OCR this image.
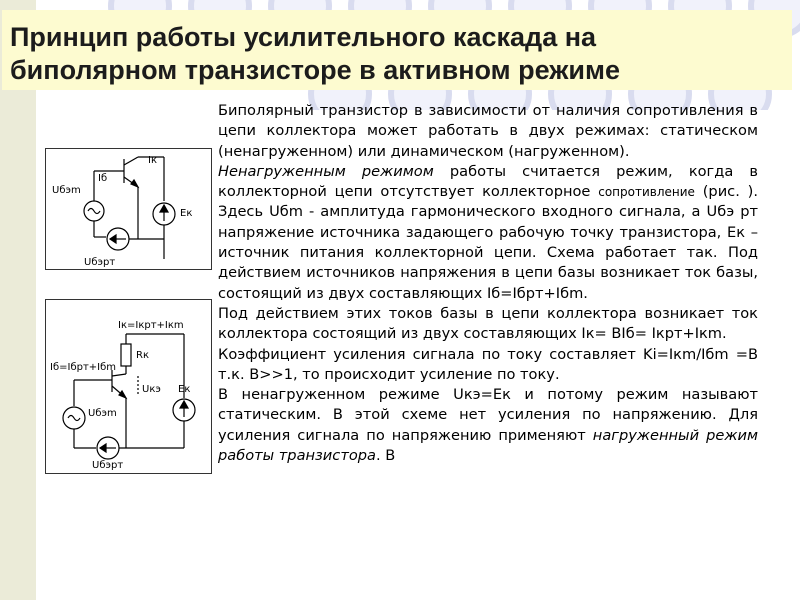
Принцип работы усилительного каскада на
биполярном транзисторе в активном режиме
Iб
Iк
Uбэm
Uбэрт
Eк
Iк=Iкрт+Iкm
Rк
Iб=Iбрт+Iбm
Uкэ Eк
Uбэm
Uбэрт

Биполярный транзистор в зависимости от наличия сопротивления в цепи коллектора может работать в двух режимах: статическом (ненагруженном) или динамическом (нагруженном).

Ненагруженным режимом работы считается режим, когда в коллекторной цепи отсутствует коллекторное сопротивление (рис. ). Здесь Uбm - амплитуда гармонического входного сигнала, а Uбэ рт напряжение источника задающего рабочую точку транзистора, Eк – источник питания коллекторной цепи. Схема работает так. Под действием источников напряжения в цепи базы возникает ток базы, состоящий из двух составляющих Iб=Iбрт+Iбm.

Под действием этих токов базы в цепи коллектора возникает ток коллектора состоящий из двух составляющих Iк= BIб= Iкрт+Iкm.

Коэффициент усиления сигнала по току составляет Ki=Iкm/Iбm =B т.к. B>>1, то происходит усиление по току.

В ненагруженном режиме Uкэ=Eк и потому режим называют статическим. В этой схеме нет усиления по напряжению. Для усиления сигнала по напряжению применяют нагруженный режим работы транзистора. В
